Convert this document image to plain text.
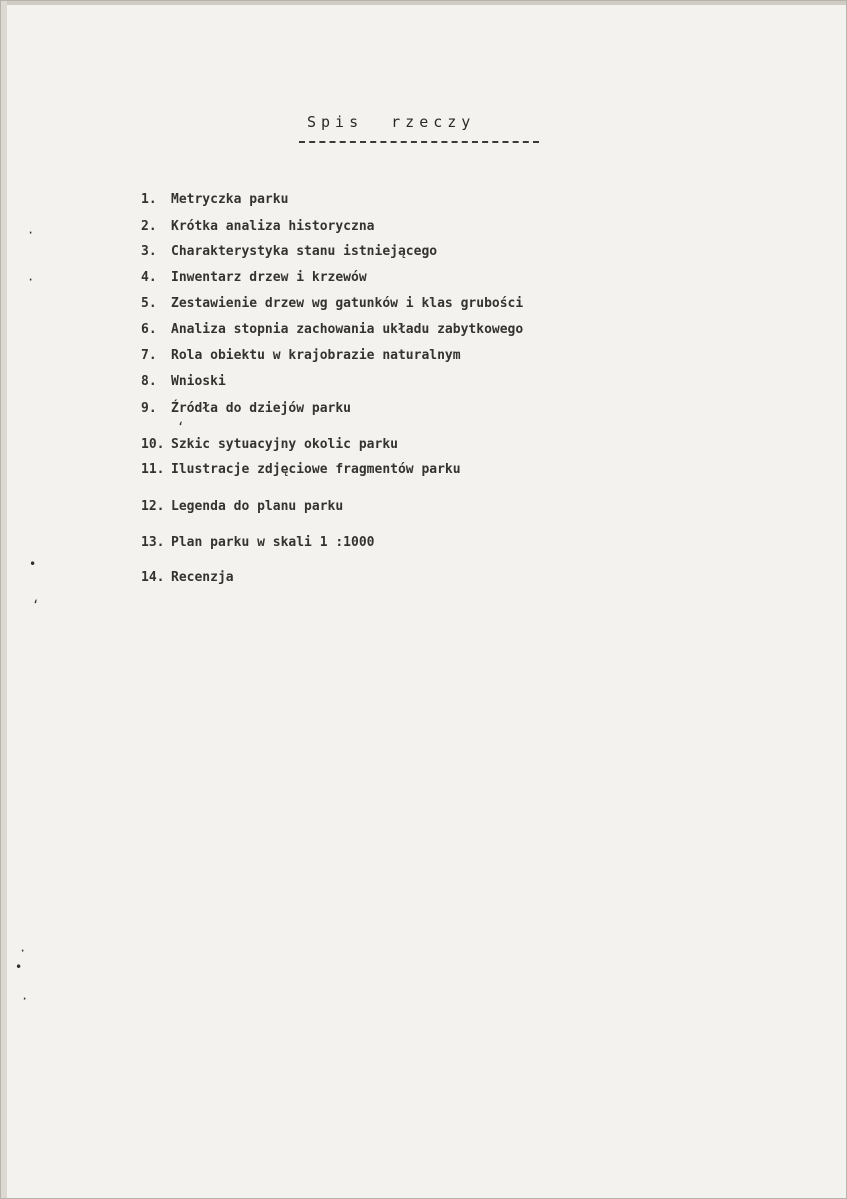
Spis rzeczy
1. Metryczka parku
2. Krótka analiza historyczna
3. Charakterystyka stanu istniejącego
4. Inwentarz drzew i krzewów
5. Zestawienie drzew wg gatunków i klas grubości
6. Analiza stopnia zachowania układu zabytkowego
7. Rola obiektu w krajobrazie naturalnym
8. Wnioski
9. Źródła do dziejów parku
10. Szkic sytuacyjny okolic parku
11. Ilustracje zdjęciowe fragmentów parku
12. Legenda do planu parku
13. Plan parku w skali 1 :1000
14. Recenzja
·
·
•
‘
·
•
·
‘
